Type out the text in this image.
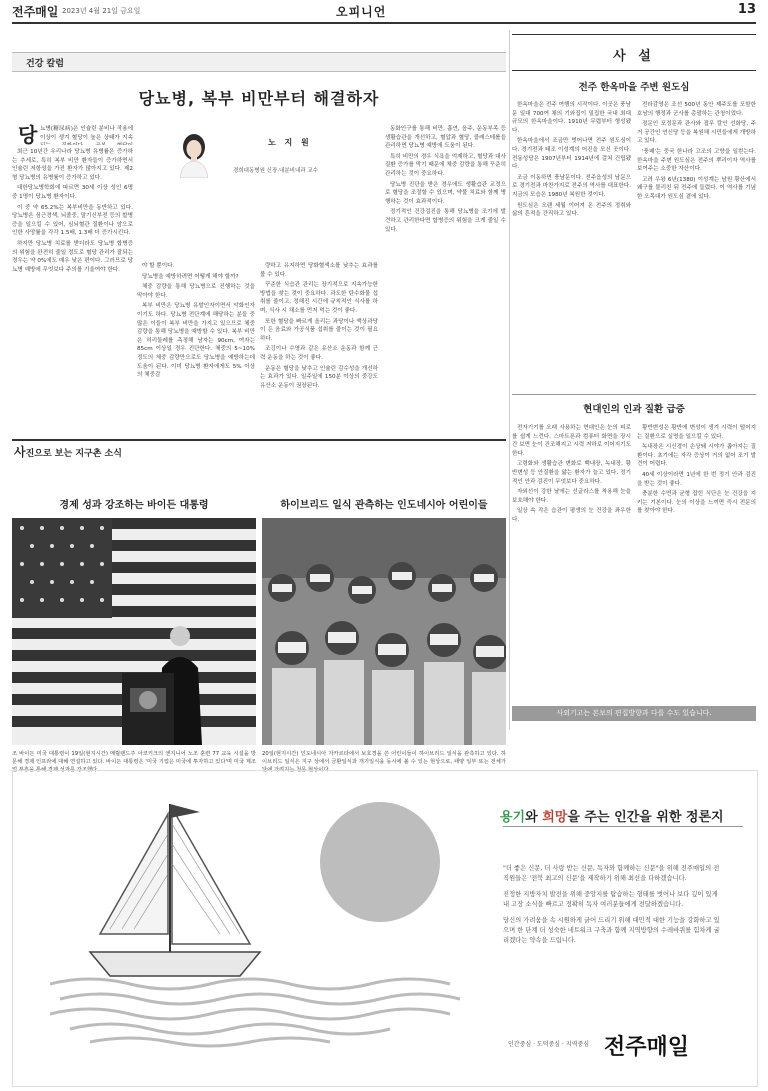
전주매일 2023년 4월 21일 금요일	오피니언	13
건강 칼럼
당뇨병, 복부 비만부터 해결하자
노 지 원
경희대동병원 신장·내분비내과 교수
당 뇨병(糖尿病)은 인슐린 분비나 작용에 이상이 생겨 혈당이 높은 상태가 지속

최근 10년간 우리나라 당뇨병 유병률은 증가하는 추세로, 특히 복부 비만 환자들이 증가하면서 인슐린 저항성을 가진 환자가 많아지고 있다. 제2형 당뇨병의 유병률이 증가하고 있다.

대한당뇨병학회에 따르면 30세 이상 성인 6명 중 1명이 당뇨병 환자이다.

이 중 약 65.2%는 복부비만을 동반하고 있다. 당뇨병은 심근경색, 뇌졸중, 말기신부전 등의 합병증을 일으킬 수 있어, 심뇌혈관 질환이나 암으로 인한 사망률을 각각 1.5배, 1.3배 더 증가시킨다.

하지만 당뇨병 치료를 받더라도 당뇨병 합병증의 위험을 완전히 줄일 정도로 혈당 관리가 잘되는 경우는 약 0%에도 매우 낮은 편이다. 그러므로 당뇨병 예방에 무엇보다 주의를 기울여야 한다.

야 할 뿐이다.

당뇨병을 예방하려면 어떻게 해야 할까?

체중 감량을 통해 당뇨병으로 진행하는 것을 막아야 한다.

복부 비만은 당뇨병 유발인자이면서 악화인자이기도 하다. 당뇨병 전단계에 해당하는 분들 중 많은 이들이 복부 비만을 가지고 있으므로 체중 감량을 통해 당뇨병을 예방할 수 있다. 복부 비만은 허리둘레를 측정해 남자는 90cm, 여자는 85cm 이상일 경우 진단한다. 체중의 5~10% 정도의 체중 감량만으로도 당뇨병을 예방하는데 도움이 된다. 이미 당뇨병 환자에게도 5% 이상의 체중감

량하고 유지하면 당화혈색소를 낮추는 효과를 볼 수 있다.

꾸준한 식습관 관리는 장기적으로 지속가능한 방법을 찾는 것이 중요하다. 과도한 탄수화물 섭취를 줄이고, 정해진 시간에 규칙적인 식사를 하며, 식사 시 채소를 먼저 먹는 것이 좋다.

또한 혈당을 빠르게 올리는 과당이나 액상과당이 든 음료와 가공식품 섭취를 줄이는 것이 필요하다.

조깅이나 수영과 같은 유산소 운동과 함께 근력 운동을 하는 것이 좋다.

운동은 혈당을 낮추고 인슐린 감수성을 개선하는 효과가 있다. 일주일에 150분 이상의 중강도 유산소 운동이 권장된다.

동화인구를 통해 비만, 흡연, 음주, 운동부족 등 생활습관을 개선하고, 혈압과 혈당, 콜레스테롤을 관리하면 당뇨병 예방에 도움이 된다.

특히 비만의 경우 식욕을 억제하고, 혈당과 대사질환 증가를 막기 때문에 체중 감량을 통해 꾸준히 관리하는 것이 중요하다.

당뇨병 진단을 받은 경우에도 생활습관 교정으로 혈당을 조절할 수 있으며, 약물 치료와 함께 병행하는 것이 효과적이다.

정기적인 건강검진을 통해 당뇨병을 조기에 발견하고 관리한다면 합병증의 위험을 크게 줄일 수 있다.

사진으로 보는 지구촌 소식
경제 성과 강조하는 바이든 대통령	하이브리드 일식 관측하는 인도네시아 어린이들
조 바이든 미국 대통령이 19일(현지시간) 메릴랜드주 아코키크의 엔지니어 노조 훈련 77 교육 시설을 방문해 경제 인프라에 대해 연설하고 있다. 바이든 대통령은 '미국 기업은 미국에 투자하고 있다'며 미국 제조업 부흥을 통해 경제 성과를 강조했다.
20일(현지시간) 인도네시아 자카르타에서 보호경을 쓴 어린이들이 하이브리드 일식을 관측하고 있다. 하이브리드 일식은 지구 상에서 금환일식과 개기일식을 동시에 볼 수 있는 현상으로, 태양 일부 또는 전체가 달에 가려지는 천문 현상이다.
사 설
전주 한옥마을 주변 원도심

한옥마을은 전주 여행의 시작이다. 이곳은 풍남문 일대 700여 채의 기와집이 밀집한 국내 최대 규모의 한옥마을이다. 1910년 무렵부터 형성됐다.

한옥마을에서 조금만 벗어나면 전주 원도심이다. 경기전과 태조 이성계의 어진을 모신 곳이다. 전동성당은 1907년부터 1914년에 걸쳐 건립됐다.

조금 이동하면 풍남문이다. 전주읍성의 남문으로 경기전과 마찬가지로 전주의 역사를 대표한다. 지금의 모습은 1980년 복원한 것이다.

원도심은 오랜 세월 이어져 온 전주의 정취와 삶의 흔적을 간직하고 있다.

전라감영은 조선 500년 동안 제주도를 포함한 호남의 행정과 군사를 총괄하는 관청이었다.

정문인 포정문과 관사와 접무 칼인 선화당, 주거 공간인 연신당 등을 복원해 시민들에게 개방하고 있다.

'풍패'는 중국 한나라 고조의 고향을 일컫는다. 한옥마을 주변 원도심은 전주의 뿌리이자 역사를 보여주는 소중한 자산이다.

고려 우왕 6년(1380) 이성계는 남원 황산에서 왜구를 물리친 뒤 전주에 들렀다. 이 역사를 기념한 오목대가 원도심 곁에 있다.

현대인의 인과 질환 급증

전자기기를 오래 사용하는 현대인은 눈의 피로를 쉽게 느낀다. 스마트폰과 컴퓨터 화면을 장시간 보면 눈이 건조해지고 시력 저하로 이어지기도 한다.

고령화와 생활습관 변화로 백내장, 녹내장, 황반변성 등 안질환을 앓는 환자가 늘고 있다. 정기적인 안과 검진이 무엇보다 중요하다.

자외선이 강한 날에는 선글라스를 착용해 눈을 보호해야 한다.

일상 속 작은 습관이 평생의 눈 건강을 좌우한다.

황반변성은 황반에 변성이 생겨 시력이 떨어지는 질환으로 실명을 일으킬 수 있다.

녹내장은 시신경이 손상돼 시야가 좁아지는 질환이다. 초기에는 자각 증상이 거의 없어 조기 발견이 어렵다.

40세 이상이라면 1년에 한 번 정기 안과 검진을 받는 것이 좋다.

충분한 수면과 균형 잡힌 식단은 눈 건강을 지키는 기본이다. 눈의 이상을 느끼면 즉시 전문의를 찾아야 한다.

사외기고는 본보의 편집방향과 다를 수도 있습니다.
용기와 희망을 주는 인간을 위한 정론지

"더 좋은 신문, 더 사랑 받는 신문, 독자와 함께하는 신문"을 위해 전주매일의 전 직원들은 '전북 최고의 신문'을 제작하기 위해 최선을 다하겠습니다.

진정한 지방자치 발전을 위해 중앙지를 탐습하는 형태를 벗어나 보다 깊이 있게 내 고장 소식을 빠르고 정확히 독자 여러분들에게 전달하겠습니다.

당신의 가려움을 속 시원하게 긁어 드리기 위해 대민적 대한 기능을 강화하고 있으며 한 단계 더 성숙한 네트워크 구축과 함께 지역방향의 수레바퀴를 힘차게 굴리겠다는 약속을 드립니다.

인간중심 · 도덕중심 · 지역중심 전주매일
